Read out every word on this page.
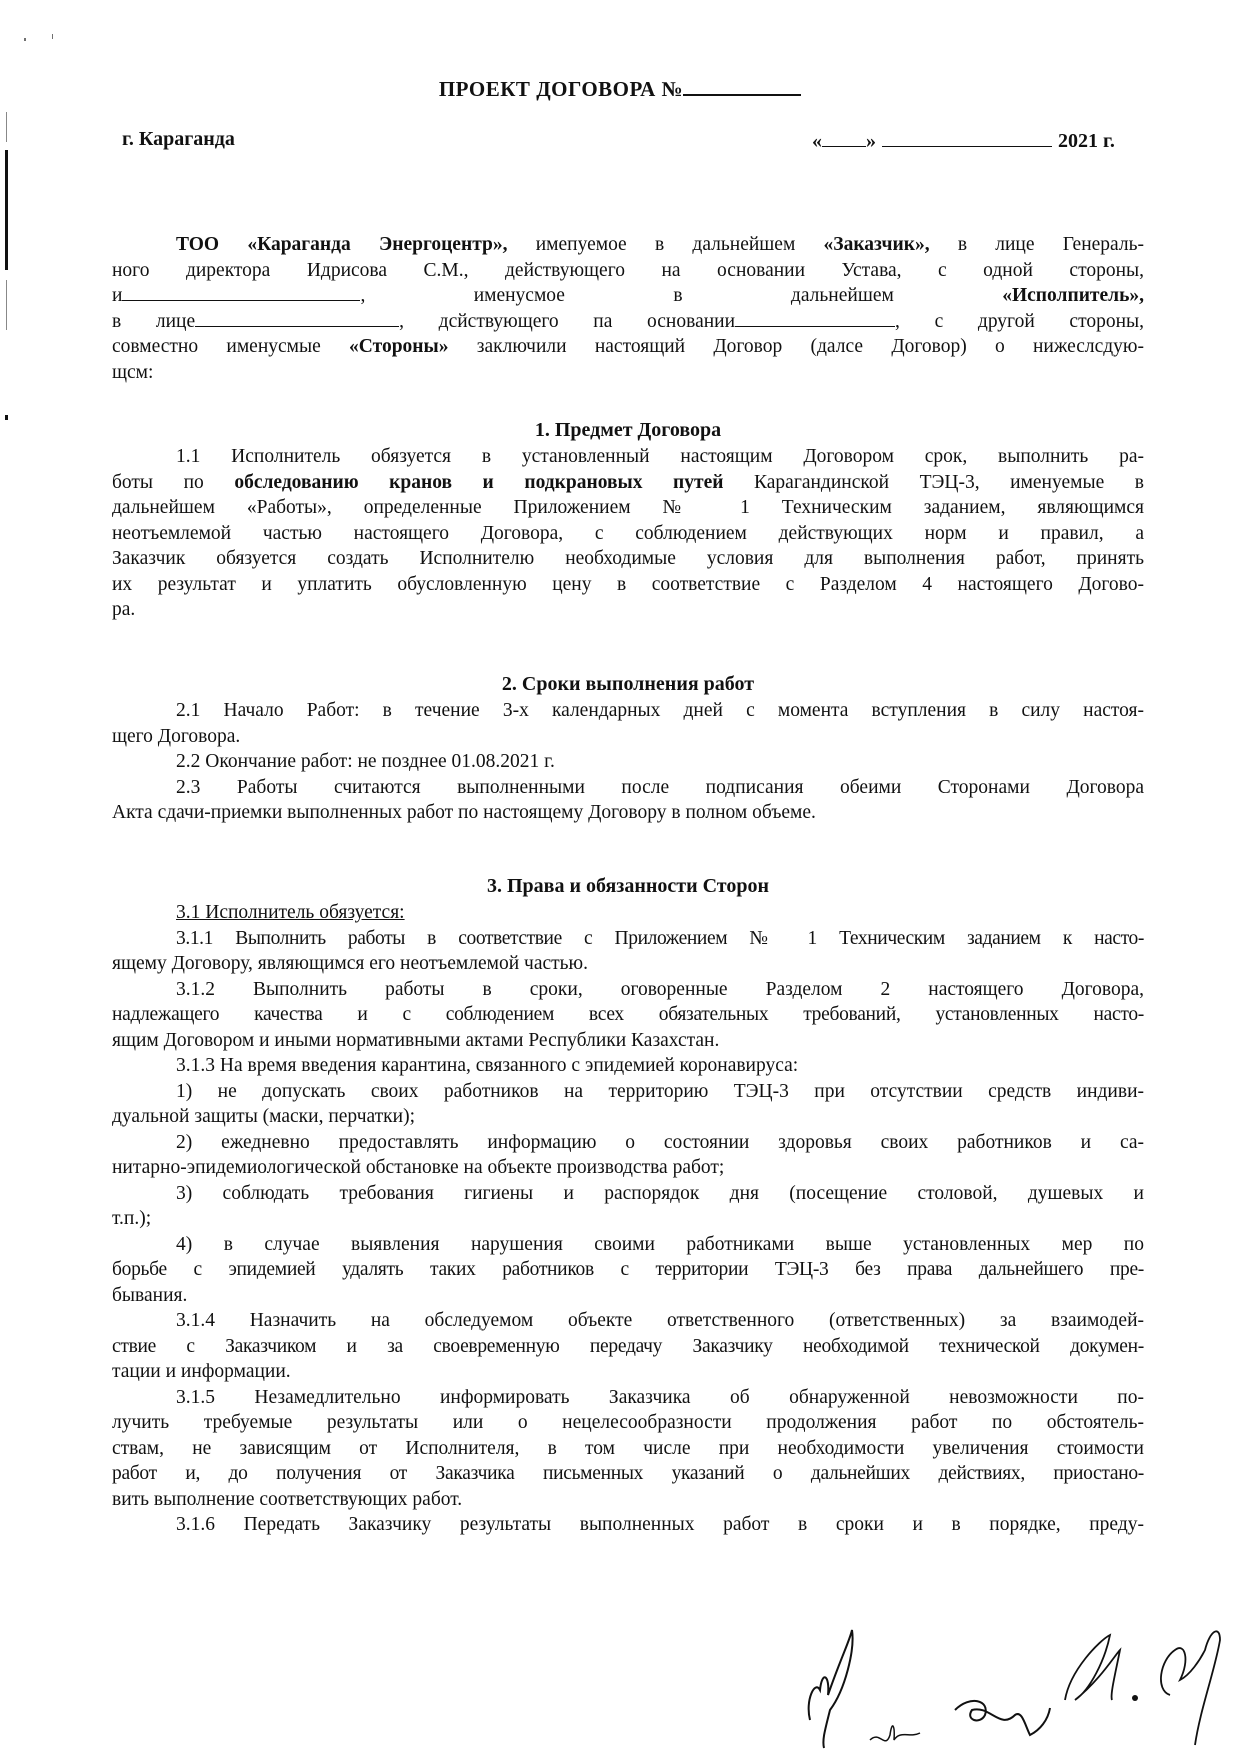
ПРОЕКТ ДОГОВОРА №
г. Караганда	« »	2021 г.
ТОО «Караганда Энергоцентр», имепуемое в дальнейшем «Заказчик», в лице Генераль-
ного директора Идрисова С.М., действующего на основании Устава, с одной стороны,
и	,	именусмое	в	дальнейшем	«Исполпитель»,
в лице	, дсйствующего па основании	, с другой стороны,
совместно именусмые «Стороны» заключили настоящий Договор (далсе Договор) о нижеслсдую-
щсм:
1. Предмет Договора
1.1 Исполнитель обязуется в установленный настоящим Договором срок, выполнить ра-
боты по обследованию кранов и подкрановых путей Карагандинской ТЭЦ-3, именуемые в
дальнейшем «Работы», определенные Приложением № 1 Техническим заданием, являющимся
неотъемлемой частью настоящего Договора, с соблюдением действующих норм и правил, а
Заказчик обязуется создать Исполнителю необходимые условия для выполнения работ, принять
их результат и уплатить обусловленную цену в соответствие с Разделом 4 настоящего Догово-
ра.
2. Сроки выполнения работ
2.1 Начало Работ: в течение 3-х календарных дней с момента вступления в силу настоя-
щего Договора.
2.2 Окончание работ: не позднее 01.08.2021 г.
2.3 Работы считаются выполненными после подписания обеими Сторонами Договора
Акта сдачи-приемки выполненных работ по настоящему Договору в полном объеме.
3. Права и обязанности Сторон
3.1 Исполнитель обязуется:
3.1.1 Выполнить работы в соответствие с Приложением № 1 Техническим заданием к насто-
ящему Договору, являющимся его неотъемлемой частью.
3.1.2 Выполнить работы в сроки, оговоренные Разделом 2 настоящего Договора,
надлежащего качества и с соблюдением всех обязательных требований, установленных насто-
ящим Договором и иными нормативными актами Республики Казахстан.
3.1.3 На время введения карантина, связанного с эпидемией коронавируса:
1) не допускать своих работников на территорию ТЭЦ-3 при отсутствии средств индиви-
дуальной защиты (маски, перчатки);
2) ежедневно предоставлять информацию о состоянии здоровья своих работников и са-
нитарно-эпидемиологической обстановке на объекте производства работ;
3) соблюдать требования гигиены и распорядок дня (посещение столовой, душевых и
т.п.);
4) в случае выявления нарушения своими работниками выше установленных мер по
борьбе с эпидемией удалять таких работников с территории ТЭЦ-3 без права дальнейшего пре-
бывания.
3.1.4 Назначить на обследуемом объекте ответственного (ответственных) за взаимодей-
ствие с Заказчиком и за своевременную передачу Заказчику необходимой технической докумен-
тации и информации.
3.1.5 Незамедлительно информировать Заказчика об обнаруженной невозможности по-
лучить требуемые результаты или о нецелесообразности продолжения работ по обстоятель-
ствам, не зависящим от Исполнителя, в том числе при необходимости увеличения стоимости
работ и, до получения от Заказчика письменных указаний о дальнейших действиях, приостано-
вить выполнение соответствующих работ.
3.1.6 Передать Заказчику результаты выполненных работ в сроки и в порядке, преду-
